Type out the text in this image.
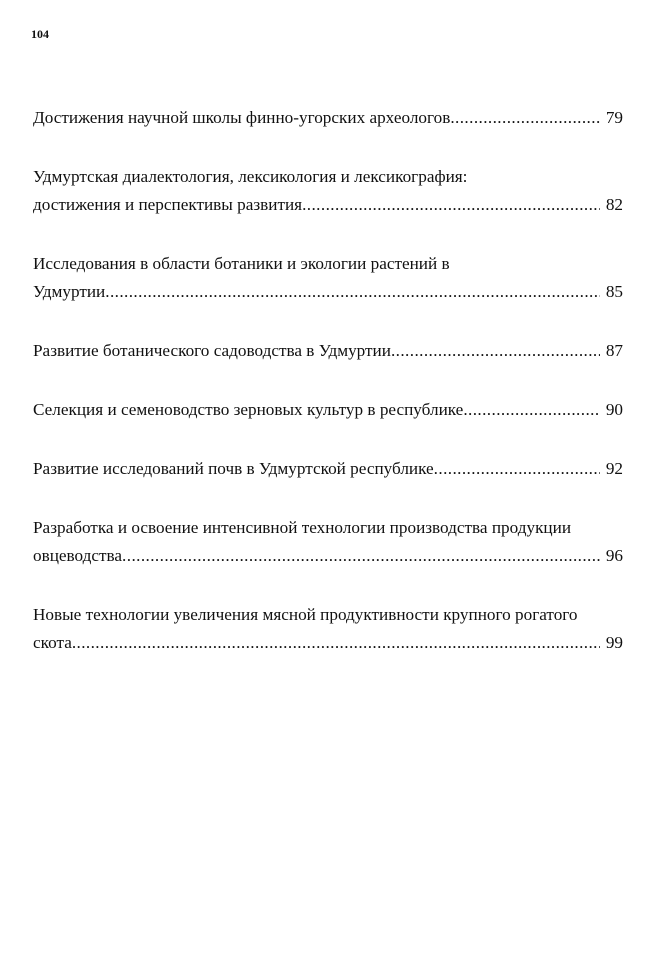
104
Достижения научной школы финно-угорских археологов .....	79
Удмуртская диалектология, лексикология и лексикография:
достижения и перспективы развития .....	82
Исследования в области ботаники и экологии растений в
Удмуртии .....	85
Развитие ботанического садоводства в Удмуртии .....	87
Селекция и семеноводство зерновых культур в республике .....	90
Развитие исследований почв в Удмуртской республике .....	92
Разработка и освоение интенсивной технологии производства продукции
овцеводства .....	96
Новые технологии увеличения мясной продуктивности крупного рогатого
скота .....	99
